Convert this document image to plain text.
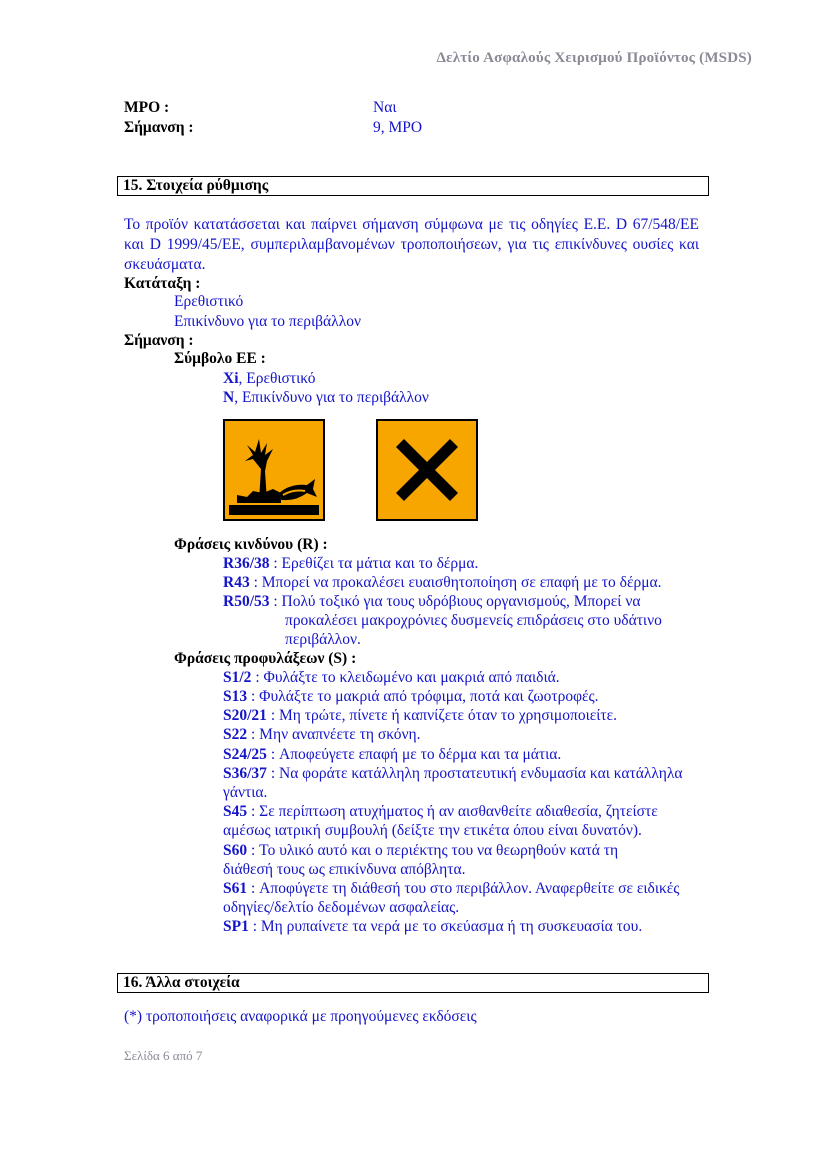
Δελτίο Ασφαλούς Χειρισμού Προϊόντος (MSDS)
ΜΡΟ :	Ναι
Σήμανση :	9, ΜΡΟ
15. Στοιχεία ρύθμισης
Το προϊόν κατατάσσεται και παίρνει σήμανση σύμφωνα με τις οδηγίες Ε.Ε. D 67/548/ΕΕ και D 1999/45/ΕΕ, συμπεριλαμβανομένων τροποποιήσεων, για τις επικίνδυνες ουσίες και σκευάσματα.
Κατάταξη :
Ερεθιστικό
Επικίνδυνο για το περιβάλλον
Σήμανση :
Σύμβολο ΕΕ :
Xi, Ερεθιστικό
N, Επικίνδυνο για το περιβάλλον
Φράσεις κινδύνου (R) :
R36/38 : Ερεθίζει τα μάτια και το δέρμα.
R43 : Μπορεί να προκαλέσει ευαισθητοποίηση σε επαφή με το δέρμα.
R50/53 : Πολύ τοξικό για τους υδρόβιους οργανισμούς, Μπορεί να
προκαλέσει μακροχρόνιες δυσμενείς επιδράσεις στο υδάτινο περιβάλλον.
Φράσεις προφυλάξεων (S) :
S1/2 : Φυλάξτε το κλειδωμένο και μακριά από παιδιά.
S13 : Φυλάξτε το μακριά από τρόφιμα, ποτά και ζωοτροφές.
S20/21 : Μη τρώτε, πίνετε ή καπνίζετε όταν το χρησιμοποιείτε.
S22 : Μην αναπνέετε τη σκόνη.
S24/25 : Αποφεύγετε επαφή με το δέρμα και τα μάτια.
S36/37 : Να φοράτε κατάλληλη προστατευτική ενδυμασία και κατάλληλα γάντια.
S45 : Σε περίπτωση ατυχήματος ή αν αισθανθείτε αδιαθεσία, ζητείστε αμέσως ιατρική συμβουλή (δείξτε την ετικέτα όπου είναι δυνατόν).
S60 : Το υλικό αυτό και ο περιέκτης του να θεωρηθούν κατά τη διάθεσή τους ως επικίνδυνα απόβλητα.
S61 : Αποφύγετε τη διάθεσή του στο περιβάλλον. Αναφερθείτε σε ειδικές οδηγίες/δελτίο δεδομένων ασφαλείας.
SP1 : Μη ρυπαίνετε τα νερά με το σκεύασμα ή τη συσκευασία του.
16. Άλλα στοιχεία
(*) τροποποιήσεις αναφορικά με προηγούμενες εκδόσεις
Σελίδα 6 από 7
